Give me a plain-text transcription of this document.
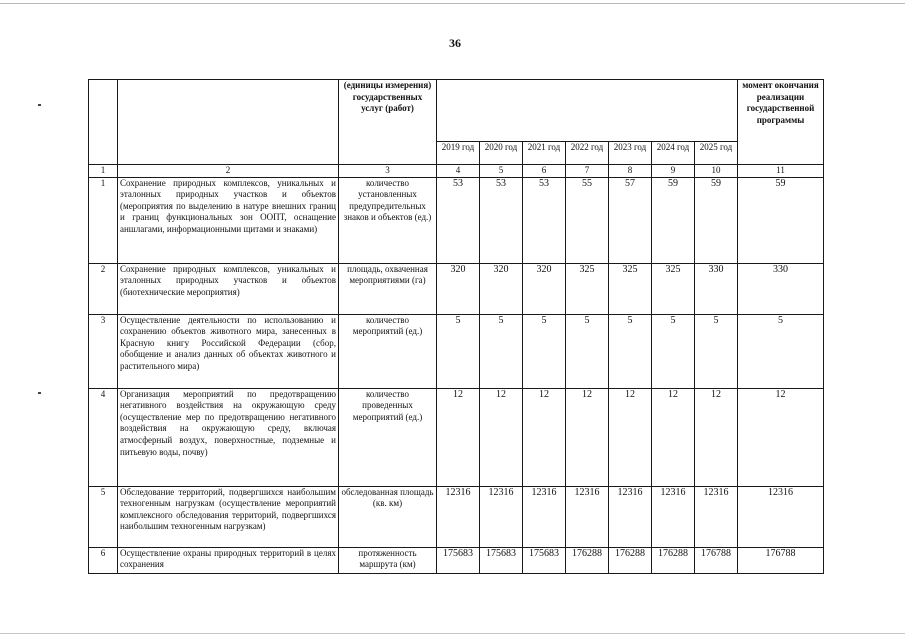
36
		(единицы измерения) государственных услуг (работ)								момент окончания реализации государственной программы
			2019 год	2020 год	2021 год	2022 год	2023 год	2024 год	2025 год	
1	2	3	4	5	6	7	8	9	10	11
1	Сохранение природных комплексов, уникальных и эталонных природных участков и объектов (мероприятия по выделению в натуре внешних границ и границ функциональных зон ООПТ, оснащение аншлагами, информационными щитами и знаками)	количество установленных предупредительных знаков и объектов (ед.)	53	53	53	55	57	59	59	59
2	Сохранение природных комплексов, уникальных и эталонных природных участков и объектов (биотехнические мероприятия)	площадь, охваченная мероприятиями (га)	320	320	320	325	325	325	330	330
3	Осуществление деятельности по использованию и сохранению объектов животного мира, занесенных в Красную книгу Российской Федерации (сбор, обобщение и анализ данных об объектах животного и растительного мира)	количество мероприятий (ед.)	5	5	5	5	5	5	5	5
4	Организация мероприятий по предотвращению негативного воздействия на окружающую среду (осуществление мер по предотвращению негативного воздействия на окружающую среду, включая атмосферный воздух, поверхностные, подземные и питьевую воды, почву)	количество проведенных мероприятий (ед.)	12	12	12	12	12	12	12	12
5	Обследование территорий, подвергшихся наибольшим техногенным нагрузкам (осуществление мероприятий комплексного обследования территорий, подвергшихся наибольшим техногенным нагрузкам)	обследованная площадь (кв. км)	12316	12316	12316	12316	12316	12316	12316	12316
6	Осуществление охраны природных территорий в целях сохранения	протяженность маршрута (км)	175683	175683	175683	176288	176288	176288	176788	176788
